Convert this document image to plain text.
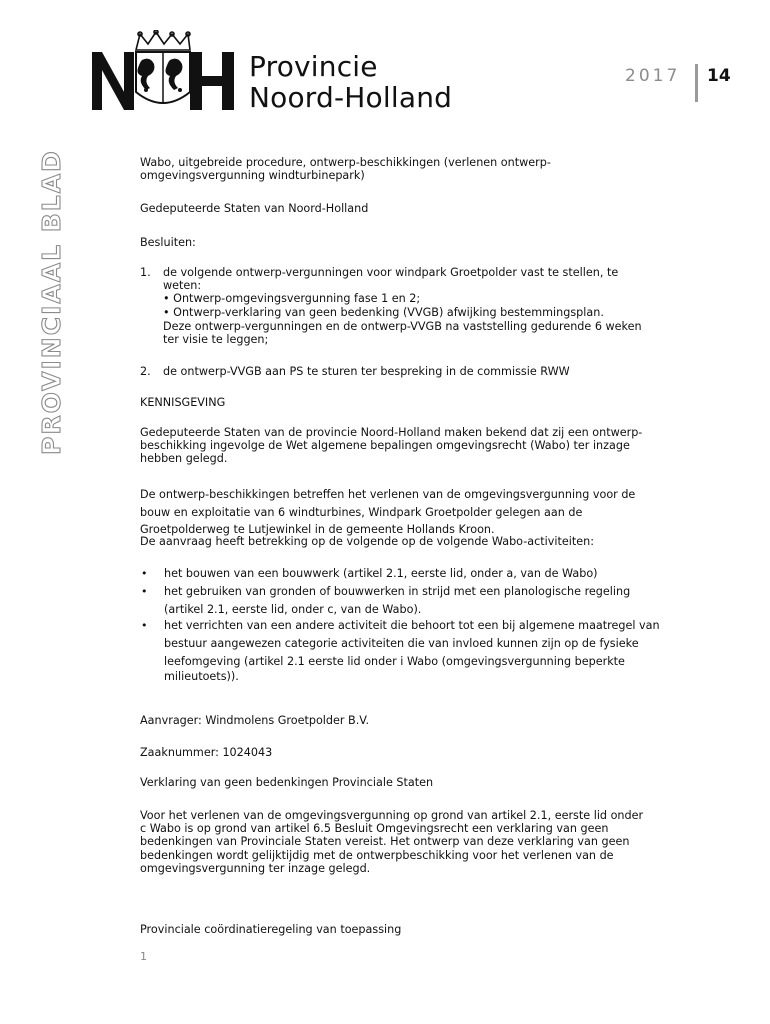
Provincie
Noord-Holland
2017 14
PROVINCIAAL BLAD	Wabo, uitgebreide procedure, ontwerp-beschikkingen (verlenen ontwerp-
omgevingsvergunning windturbinepark)
Gedeputeerde Staten van Noord-Holland
Besluiten:
1. de volgende ontwerp-vergunningen voor windpark Groetpolder vast te stellen, te
weten:
• Ontwerp-omgevingsvergunning fase 1 en 2;
• Ontwerp-verklaring van geen bedenking (VVGB) afwijking bestemmingsplan.
Deze ontwerp-vergunningen en de ontwerp-VVGB na vaststelling gedurende 6 weken
ter visie te leggen;
2. de ontwerp-VVGB aan PS te sturen ter bespreking in de commissie RWW
KENNISGEVING
Gedeputeerde Staten van de provincie Noord-Holland maken bekend dat zij een ontwerp-
beschikking ingevolge de Wet algemene bepalingen omgevingsrecht (Wabo) ter inzage
hebben gelegd.
De ontwerp-beschikkingen betreffen het verlenen van de omgevingsvergunning voor de
bouw en exploitatie van 6 windturbines, Windpark Groetpolder gelegen aan de
Groetpolderweg te Lutjewinkel in de gemeente Hollands Kroon.
De aanvraag heeft betrekking op de volgende op de volgende Wabo-activiteiten:
• het bouwen van een bouwwerk (artikel 2.1, eerste lid, onder a, van de Wabo)
• het gebruiken van gronden of bouwwerken in strijd met een planologische regeling
(artikel 2.1, eerste lid, onder c, van de Wabo).
• het verrichten van een andere activiteit die behoort tot een bij algemene maatregel van
bestuur aangewezen categorie activiteiten die van invloed kunnen zijn op de fysieke
leefomgeving (artikel 2.1 eerste lid onder i Wabo (omgevingsvergunning beperkte
milieutoets)).
Aanvrager: Windmolens Groetpolder B.V.
Zaaknummer: 1024043
Verklaring van geen bedenkingen Provinciale Staten
Voor het verlenen van de omgevingsvergunning op grond van artikel 2.1, eerste lid onder
c Wabo is op grond van artikel 6.5 Besluit Omgevingsrecht een verklaring van geen
bedenkingen van Provinciale Staten vereist. Het ontwerp van deze verklaring van geen
bedenkingen wordt gelijktijdig met de ontwerpbeschikking voor het verlenen van de
omgevingsvergunning ter inzage gelegd.
Provinciale coördinatieregeling van toepassing
1
